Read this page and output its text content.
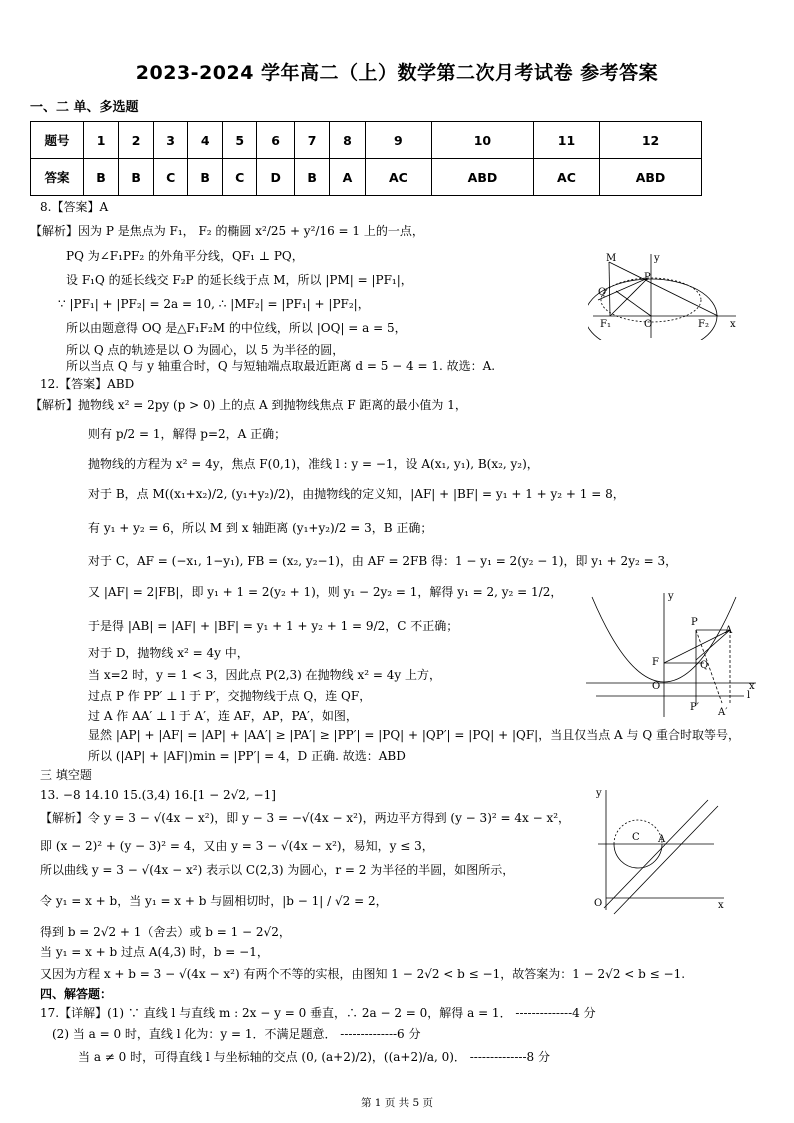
2023-2024 学年高二（上）数学第二次月考试卷 参考答案
一、二 单、多选题
题号	1	2	3	4	5	6	7	8	9	10	11	12
答案	B	B	C	B	C	D	B	A	AC	ABD	AC	ABD
8.【答案】A
【解析】因为 P 是焦点为 F₁， F₂ 的椭圆 x²/25 + y²/16 = 1 上的一点，
PQ 为∠F₁PF₂ 的外角平分线，QF₁ ⊥ PQ，
设 F₁Q 的延长线交 F₂P 的延长线于点 M，所以 |PM| = |PF₁|，
∵ |PF₁| + |PF₂| = 2a = 10, ∴ |MF₂| = |PF₁| + |PF₂|，
所以由题意得 OQ 是△F₁F₂M 的中位线，所以 |OQ| = a = 5，
所以 Q 点的轨迹是以 O 为圆心，以 5 为半径的圆，
所以当点 Q 与 y 轴重合时，Q 与短轴端点取最近距离 d = 5 − 4 = 1. 故选：A.
M
P
Q
F₁	O	F₂ x
y
12.【答案】ABD
【解析】抛物线 x² = 2py (p > 0) 上的点 A 到抛物线焦点 F 距离的最小值为 1，
则有 p/2 = 1，解得 p=2，A 正确；
抛物线的方程为 x² = 4y，焦点 F(0,1)，准线 l : y = −1，设 A(x₁, y₁), B(x₂, y₂)，
对于 B，点 M((x₁+x₂)/2, (y₁+y₂)/2)，由抛物线的定义知，|AF| + |BF| = y₁ + 1 + y₂ + 1 = 8，
有 y₁ + y₂ = 6，所以 M 到 x 轴距离 (y₁+y₂)/2 = 3，B 正确；
对于 C，AF = (−x₁, 1−y₁), FB = (x₂, y₂−1)，由 AF = 2FB 得：1 − y₁ = 2(y₂ − 1)，即 y₁ + 2y₂ = 3，
又 |AF| = 2|FB|，即 y₁ + 1 = 2(y₂ + 1)，则 y₁ − 2y₂ = 1，解得 y₁ = 2, y₂ = 1/2，
于是得 |AB| = |AF| + |BF| = y₁ + 1 + y₂ + 1 = 9/2，C 不正确；
对于 D，抛物线 x² = 4y 中，
当 x=2 时，y = 1 < 3，因此点 P(2,3) 在抛物线 x² = 4y 上方，
过点 P 作 PP′ ⊥ l 于 P′，交抛物线于点 Q，连 QF，
过 A 作 AA′ ⊥ l 于 A′，连 AF，AP，PA′，如图，
显然 |AP| + |AF| = |AP| + |AA′| ≥ |PA′| ≥ |PP′| = |PQ| + |QP′| = |PQ| + |QF|，当且仅当点 A 与 Q 重合时取等号，
所以 (|AP| + |AF|)min = |PP′| = 4，D 正确. 故选：ABD
y
P
A
F	Q
O	x
l
P′ A′
三 填空题
13. −8 14.10 15.(3,4) 16.[1 − 2√2, −1]
【解析】令 y = 3 − √(4x − x²)，即 y − 3 = −√(4x − x²)，两边平方得到 (y − 3)² = 4x − x²，
即 (x − 2)² + (y − 3)² = 4，又由 y = 3 − √(4x − x²)，易知，y ≤ 3，
所以曲线 y = 3 − √(4x − x²) 表示以 C(2,3) 为圆心，r = 2 为半径的半圆，如图所示，
令 y₁ = x + b，当 y₁ = x + b 与圆相切时，|b − 1| / √2 = 2，
得到 b = 2√2 + 1（舍去）或 b = 1 − 2√2，
当 y₁ = x + b 过点 A(4,3) 时，b = −1，
又因为方程 x + b = 3 − √(4x − x²) 有两个不等的实根，由图知 1 − 2√2 < b ≤ −1，故答案为：1 − 2√2 < b ≤ −1.
y
C A
O	x
四、解答题：
17.【详解】(1) ∵ 直线 l 与直线 m : 2x − y = 0 垂直，∴ 2a − 2 = 0，解得 a = 1． --------------4 分
(2) 当 a = 0 时，直线 l 化为：y = 1．不满足题意． --------------6 分
当 a ≠ 0 时，可得直线 l 与坐标轴的交点 (0, (a+2)/2)，((a+2)/a, 0)． --------------8 分
第 1 页 共 5 页
